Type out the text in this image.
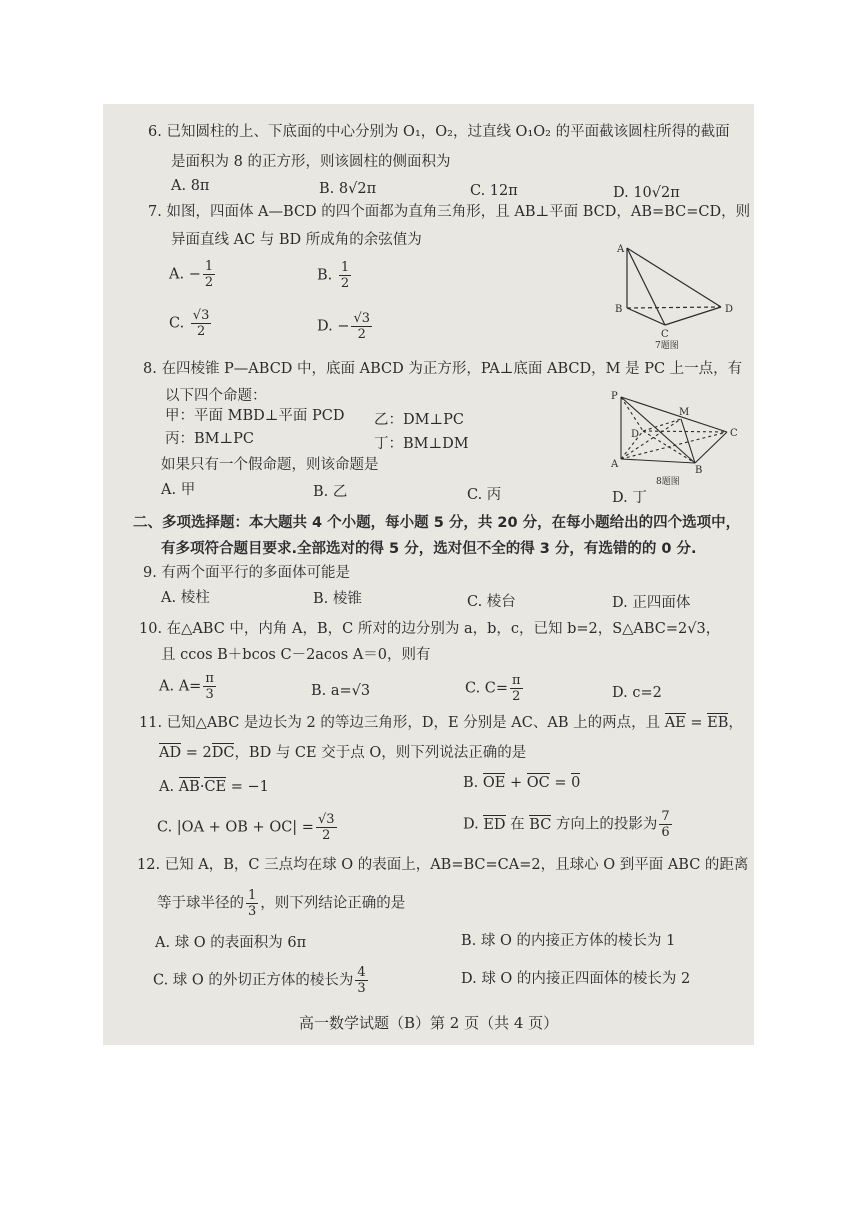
6. 已知圆柱的上、下底面的中心分别为 O₁，O₂，过直线 O₁O₂ 的平面截该圆柱所得的截面
是面积为 8 的正方形，则该圆柱的侧面积为
A. 8π	B. 8√2π	C. 12π	D. 10√2π
7. 如图，四面体 A—BCD 的四个面都为直角三角形，且 AB⊥平面 BCD，AB=BC=CD，则
异面直线 AC 与 BD 所成角的余弦值为
A. − $\frac{1}{2}$	B. $\frac{1}{2}$
C. $\frac{√3}{2}$	D. − $\frac{√3}{2}$
A
B
C
D
7题图
8. 在四棱锥 P—ABCD 中，底面 ABCD 为正方形，PA⊥底面 ABCD，M 是 PC 上一点，有
以下四个命题：
甲：平面 MBD⊥平面 PCD 乙：DM⊥PC
丙：BM⊥PC	丁：BM⊥DM
如果只有一个假命题，则该命题是
A. 甲	B. 乙	C. 丙	D. 丁
P
M
D	C
A
B
8题图
二、多项选择题：本大题共 4 个小题，每小题 5 分，共 20 分，在每小题给出的四个选项中，
有多项符合题目要求.全部选对的得 5 分，选对但不全的得 3 分，有选错的的 0 分.
9. 有两个面平行的多面体可能是
A. 棱柱	B. 棱锥	C. 棱台	D. 正四面体
10. 在△ABC 中，内角 A，B，C 所对的边分别为 a，b，c，已知 b=2，S△ABC=2√3，
且 ccos B＋bcos C－2acos A＝0，则有
A. $A= \frac{\pi}{3}$	B. a=√3	C. $C= \frac{\pi}{2}$	D. c=2
11. 已知△ABC 是边长为 2 的等边三角形，D，E 分别是 AC、AB 上的两点，且 AE = EB，
AD = 2DC，BD 与 CE 交于点 O，则下列说法正确的是
A. AB·CE = −1	B. OE + OC = 0
C. |OA + OB + $OC| = \frac{√3}{2}$	D. ED 在 BC 方向上的投影为 $\frac{7}{6}$
12. 已知 A，B，C 三点均在球 O 的表面上，AB=BC=CA=2，且球心 O 到平面 ABC 的距离
等于球半径的 $\frac{1}{3}$ ，则下列结论正确的是
A. 球 O 的表面积为 6π	B. 球 O 的内接正方体的棱长为 1
C. 球 O 的外切正方体的棱长为 $\frac{4}{3}$	D. 球 O 的内接正四面体的棱长为 2
高一数学试题（B）第 2 页（共 4 页）
